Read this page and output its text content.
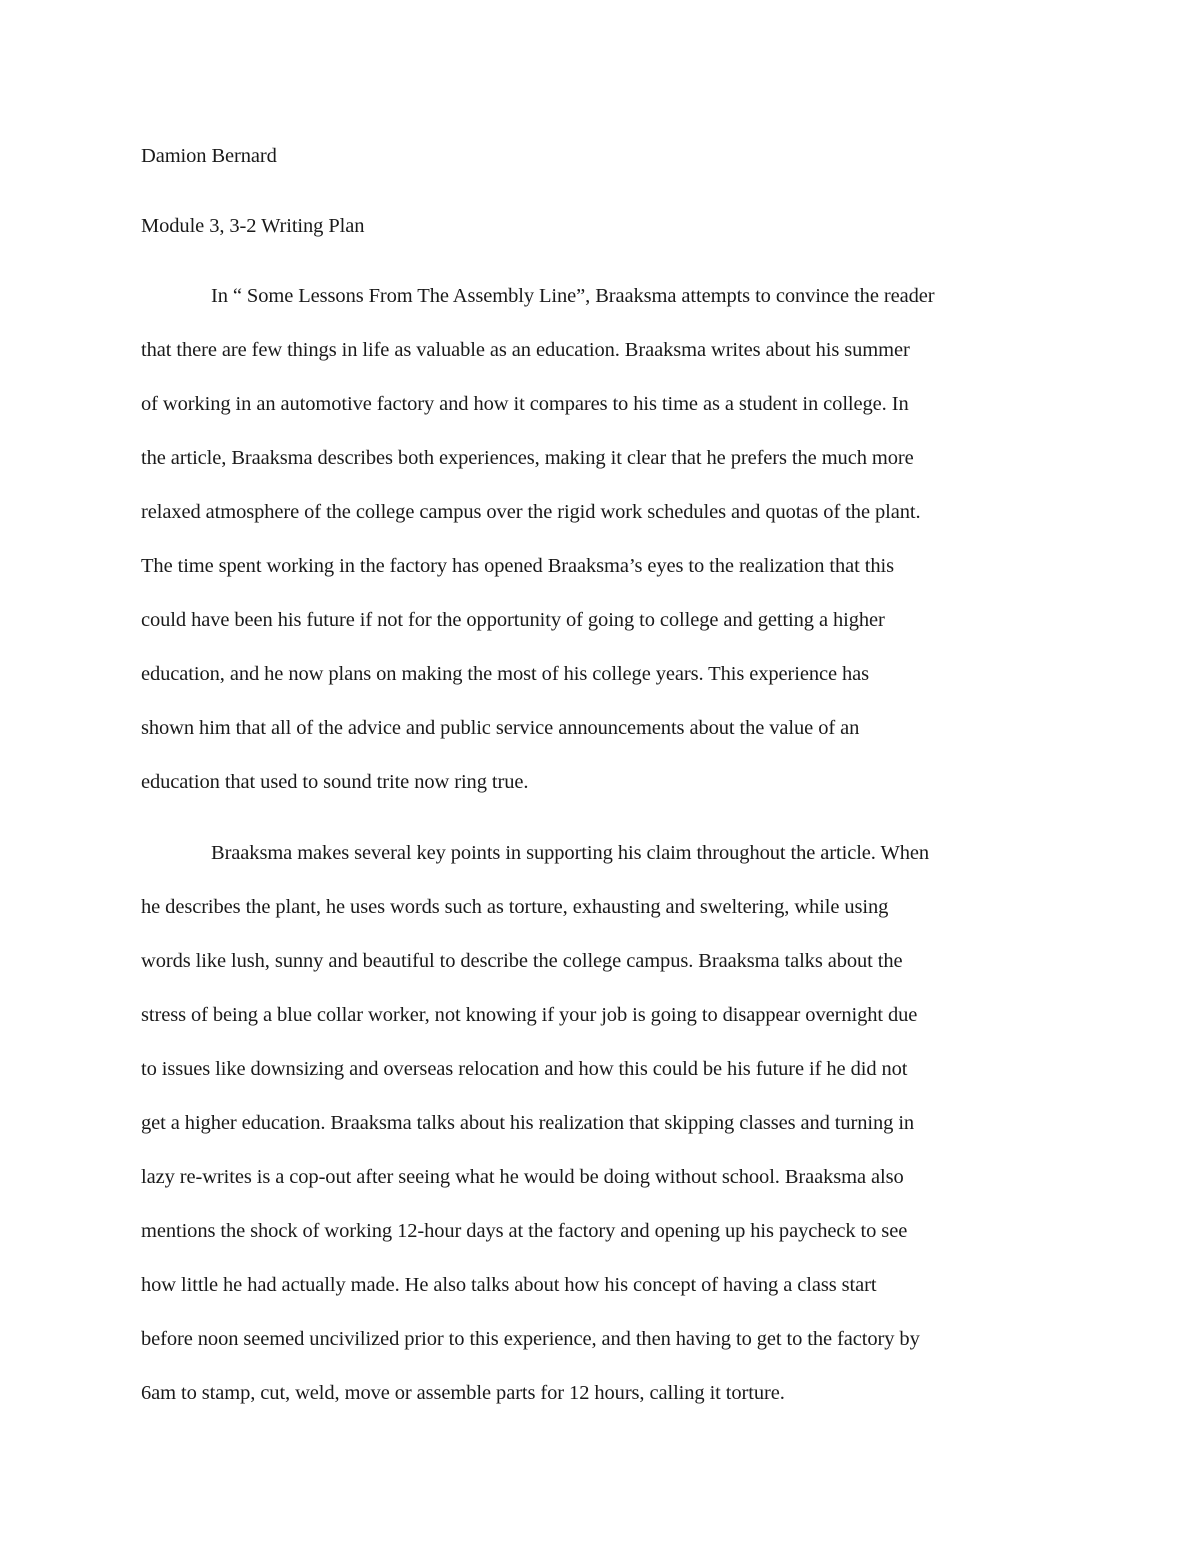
Damion Bernard
Module 3, 3-2 Writing Plan
In “ Some Lessons From The Assembly Line”, Braaksma attempts to convince the reader
that there are few things in life as valuable as an education. Braaksma writes about his summer
of working in an automotive factory and how it compares to his time as a student in college. In
the article, Braaksma describes both experiences, making it clear that he prefers the much more
relaxed atmosphere of the college campus over the rigid work schedules and quotas of the plant.
The time spent working in the factory has opened Braaksma’s eyes to the realization that this
could have been his future if not for the opportunity of going to college and getting a higher
education, and he now plans on making the most of his college years. This experience has
shown him that all of the advice and public service announcements about the value of an
education that used to sound trite now ring true.
Braaksma makes several key points in supporting his claim throughout the article. When
he describes the plant, he uses words such as torture, exhausting and sweltering, while using
words like lush, sunny and beautiful to describe the college campus. Braaksma talks about the
stress of being a blue collar worker, not knowing if your job is going to disappear overnight due
to issues like downsizing and overseas relocation and how this could be his future if he did not
get a higher education. Braaksma talks about his realization that skipping classes and turning in
lazy re-writes is a cop-out after seeing what he would be doing without school. Braaksma also
mentions the shock of working 12-hour days at the factory and opening up his paycheck to see
how little he had actually made. He also talks about how his concept of having a class start
before noon seemed uncivilized prior to this experience, and then having to get to the factory by
6am to stamp, cut, weld, move or assemble parts for 12 hours, calling it torture.
